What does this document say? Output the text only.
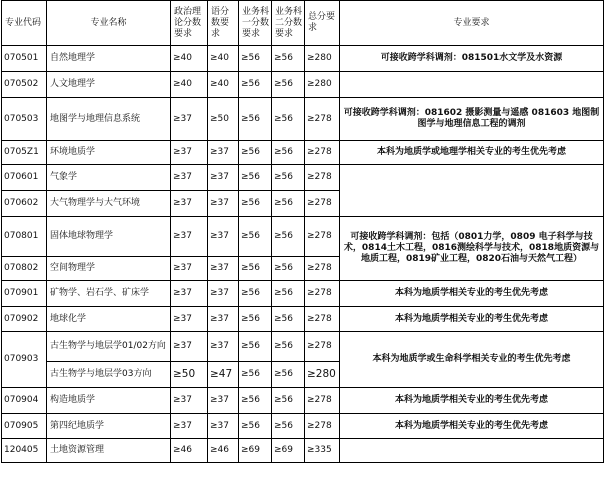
专业代码	专业名称	政治理论分数要求	语分数要求	业务科一分数要求	业务科二分数要求	总分要求	专业要求
070501	自然地理学	≥40	≥40	≥56	≥56	≥280	可接收跨学科调剂：081501水文学及水资源
070502	人文地理学	≥40	≥40	≥56	≥56	≥280	
070503	地图学与地理信息系统	≥37	≥50	≥56	≥56	≥278	可接收跨学科调剂：081602 摄影测量与遥感 081603 地图制图学与地理信息工程的调剂
0705Z1	环境地质学	≥37	≥37	≥56	≥56	≥278	本科为地质学或地理学相关专业的考生优先考虑
070601	气象学	≥37	≥37	≥56	≥56	≥278	
070602	大气物理学与大气环境	≥37	≥37	≥56	≥56	≥278	
070801	固体地球物理学	≥37	≥37	≥56	≥56	≥278	可接收跨学科调剂：包括（0801力学，0809 电子科学与技术，0814土木工程，0816测绘科学与技术，0818地质资源与地质工程，0819矿业工程，0820石油与天然气工程）
070802	空间物理学	≥37	≥37	≥56	≥56	≥278	
070901	矿物学、岩石学、矿床学	≥37	≥37	≥56	≥56	≥278	本科为地质学相关专业的考生优先考虑
070902	地球化学	≥37	≥37	≥56	≥56	≥278	本科为地质学相关专业的考生优先考虑
070903	古生物学与地层学01/02方向	≥37	≥37	≥56	≥56	≥278	本科为地质学或生命科学相关专业的考生优先考虑
	古生物学与地层学03方向	≥50	≥47	≥56	≥56	≥280	
070904	构造地质学	≥37	≥37	≥56	≥56	≥278	本科为地质学相关专业的考生优先考虑
070905	第四纪地质学	≥37	≥37	≥56	≥56	≥278	本科为地质学相关专业的考生优先考虑
120405	土地资源管理	≥46	≥46	≥69	≥69	≥335	
